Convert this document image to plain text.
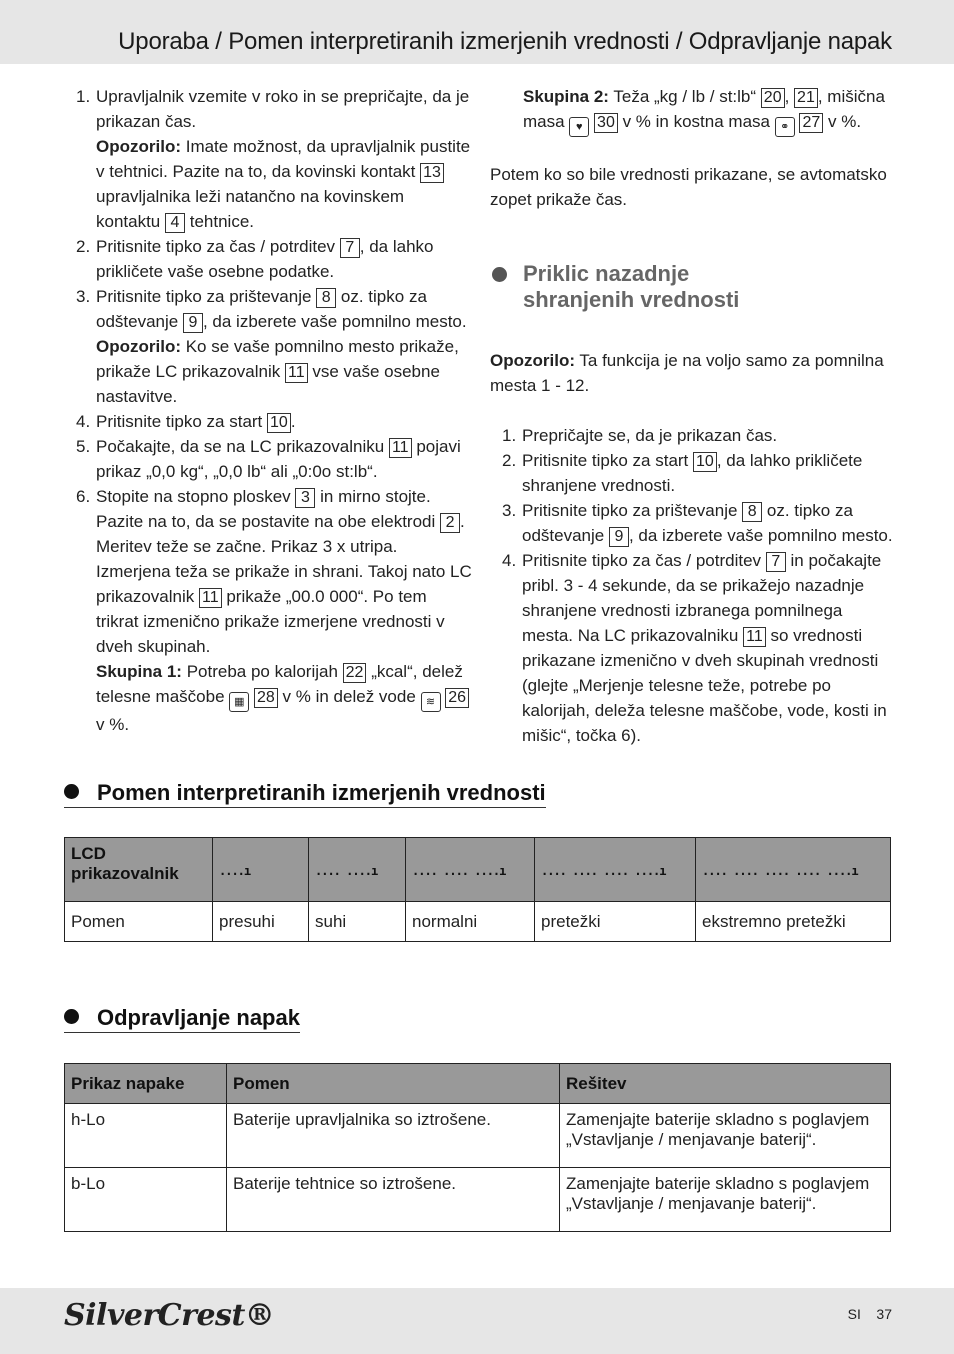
Uporaba / Pomen interpretiranih izmerjenih vrednosti / Odpravljanje napak
1. Upravljalnik vzemite v roko in se prepričajte, da je prikazan čas.
Opozorilo: Imate možnost, da upravljalnik pustite v tehtnici. Pazite na to, da kovinski kontakt 13 upravljalnika leži natančno na kovinskem kontaktu 4 tehtnice.
2. Pritisnite tipko za čas / potrditev 7 , da lahko prikličete vaše osebne podatke.
3. Pritisnite tipko za prištevanje 8 oz. tipko za odštevanje 9 , da izberete vaše pomnilno mesto.
Opozorilo: Ko se vaše pomnilno mesto prikaže, prikaže LC prikazovalnik 11 vse vaše osebne nastavitve.
4. Pritisnite tipko za start 10 .
5. Počakajte, da se na LC prikazovalniku 11 pojavi prikaz „0,0 kg“, „0,0 lb“ ali „0:0o st:lb“.
6. Stopite na stopno ploskev 3 in mirno stojte. Pazite na to, da se postavite na obe elektrodi 2 . Meritev teže se začne. Prikaz 3 x utripa. Izmerjena teža se prikaže in shrani. Takoj nato LC prikazovalnik 11 prikaže „00.0 000“. Po tem trikrat izmenično prikaže izmerjene vrednosti v dveh skupinah.
Skupina 1: Potreba po kalorijah 22 „kcal“, delež telesne maščobe ▦ 28 v % in delež vode ≋ 26 v %.

Skupina 2: Teža „kg / lb / st:lb“ 20 , 21 , mišična masa ♥ 30 v % in kostna masa ⚭ 27 v %.

Potem ko so bile vrednosti prikazane, se avtomatsko zopet prikaže čas.

Priklic nazadnje shranjenih vrednosti

Opozorilo: Ta funkcija je na voljo samo za pomnilna mesta 1 - 12.

1. Prepričajte se, da je prikazan čas.
2. Pritisnite tipko za start 10 , da lahko prikličete shranjene vrednosti.
3. Pritisnite tipko za prištevanje 8 oz. tipko za odštevanje 9 , da izberete vaše pomnilno mesto.
4. Pritisnite tipko za čas / potrditev 7 in počakajte pribl. 3 - 4 sekunde, da se prikažejo nazadnje shranjene vrednosti izbranega pomnilnega mesta. Na LC prikazovalniku 11 so vrednosti prikazane izmenično v dveh skupinah vrednosti (glejte „Merjenje telesne teže, potrebe po kalorijah, deleža telesne maščobe, vode, kosti in mišic“, točka 6).
Pomen interpretiranih izmerjenih vrednosti
LCD prikazovalnik	....ı	.... ....ı	.... .... ....ı	.... .... .... ....ı	.... .... .... .... ....ı
Pomen	presuhi	suhi	normalni	pretežki	ekstremno pretežki
Odpravljanje napak
Prikaz napake	Pomen	Rešitev
h-Lo	Baterije upravljalnika so iztrošene.	Zamenjajte baterije skladno s poglavjem „Vstavljanje / menjavanje baterij“.
b-Lo	Baterije tehtnice so iztrošene.	Zamenjajte baterije skladno s poglavjem „Vstavljanje / menjavanje baterij“.
SilverCrest®	SI 37
